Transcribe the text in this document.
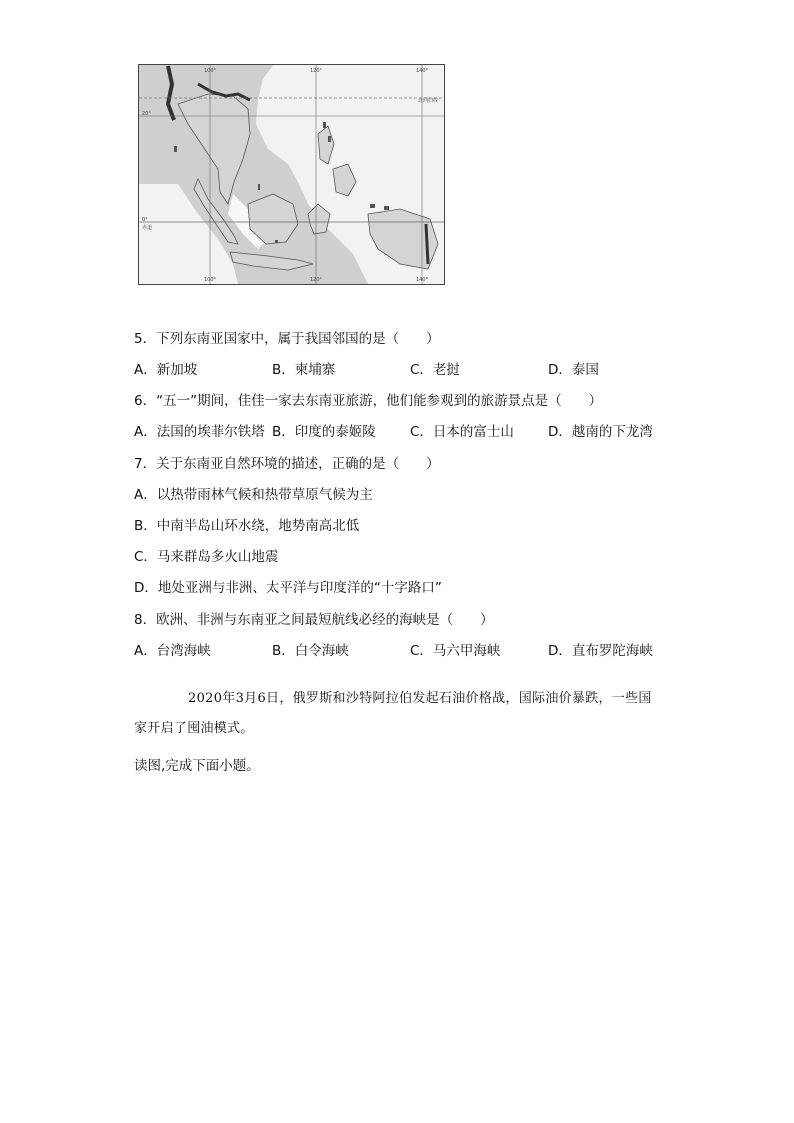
100°	120°	140°
20°
0°
北回归线
赤道
100°	120°	140°
5．下列东南亚国家中，属于我国邻国的是（　　）
A．新加坡	B．柬埔寨	C．老挝	D．泰国
6．“五一”期间，佳佳一家去东南亚旅游，他们能参观到的旅游景点是（　　）
A．法国的埃菲尔铁塔 B．印度的泰姬陵	C．日本的富士山	D．越南的下龙湾
7．关于东南亚自然环境的描述，正确的是（　　）
A．以热带雨林气候和热带草原气候为主
B．中南半岛山环水绕，地势南高北低
C．马来群岛多火山地震
D．地处亚洲与非洲、太平洋与印度洋的“十字路口”
8．欧洲、非洲与东南亚之间最短航线必经的海峡是（　　）
A．台湾海峡	B．白令海峡	C．马六甲海峡	D．直布罗陀海峡
2020年3月6日，俄罗斯和沙特阿拉伯发起石油价格战，国际油价暴跌，一些国家开启了囤油模式。
读图,完成下面小题。
